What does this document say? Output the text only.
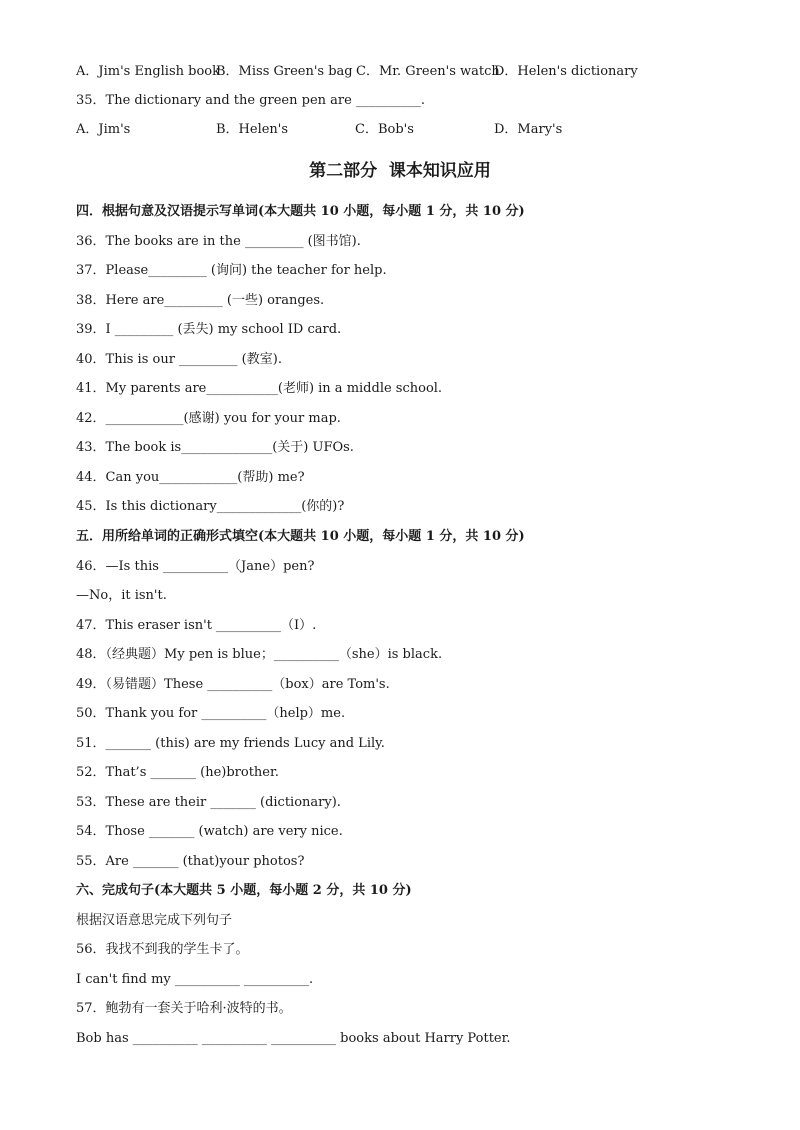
A．Jim's English book

B．Miss Green's bag

C．Mr. Green's watch

D．Helen's dictionary

35．The dictionary and the green pen are __________.

A．Jim's

	B．Helen's

	C．Bob's

	D．Mary's

第二部分  课本知识应用
四．根据句意及汉语提示写单词(本大题共 10 小题，每小题 1 分，共 10 分)
36．The books are in the _________ (图书馆).
37．Please_________ (询问) the teacher for help.
38．Here are_________ (一些) oranges.
39．I _________ (丢失) my school ID card.
40．This is our _________ (教室).
41．My parents are___________(老师) in a middle school.
42．____________(感谢) you for your map.
43．The book is______________(关于) UFOs.
44．Can you____________(帮助) me?
45．Is this dictionary_____________(你的)?
五．用所给单词的正确形式填空(本大题共 10 小题，每小题 1 分，共 10 分)
46．—Is this __________（Jane）pen?
—No，it isn't.
47．This eraser isn't __________（I）.
48．（经典题）My pen is blue；__________（she）is black.
49．（易错题）These __________（box）are Tom's.
50．Thank you for __________（help）me.
51．_______ (this) are my friends Lucy and Lily.
52．That’s _______ (he)brother.
53．These are their _______ (dictionary).
54．Those _______ (watch) are very nice.
55．Are _______ (that)your photos?
六、完成句子(本大题共 5 小题，每小题 2 分，共 10 分)
根据汉语意思完成下列句子
56．我找不到我的学生卡了。
I can't find my __________ __________.
57．鲍勃有一套关于哈利·波特的书。
Bob has __________ __________ __________ books about Harry Potter.
